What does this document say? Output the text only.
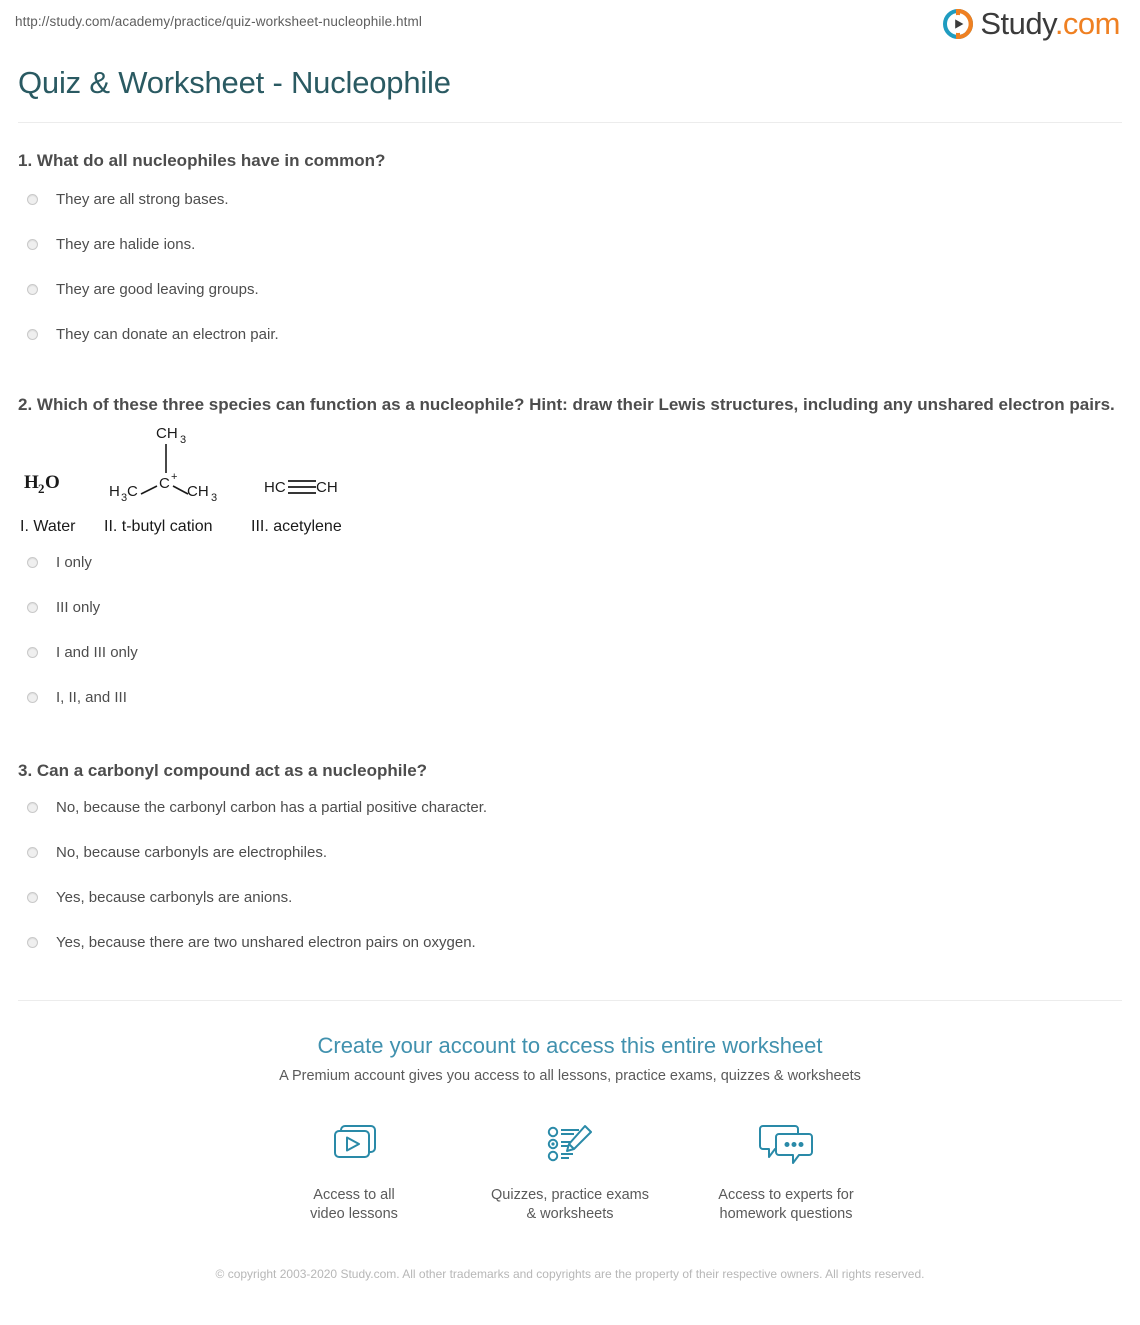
http://study.com/academy/practice/quiz-worksheet-nucleophile.html	Study.com
Quiz & Worksheet - Nucleophile

1. What do all nucleophiles have in common?

They are all strong bases.
They are halide ions.
They are good leaving groups.
They can donate an electron pair.

2. Which of these three species can function as a nucleophile? Hint: draw their Lewis structures, including any unshared electron pairs.

H 2 O
CH 3
C +
H 3 C	CH 3
HC CH
I. Water II. t-butyl cation III. acetylene
I only
III only
I and III only
I, II, and III

3. Can a carbonyl compound act as a nucleophile?

No, because the carbonyl carbon has a partial positive character.
No, because carbonyls are electrophiles.
Yes, because carbonyls are anions.
Yes, because there are two unshared electron pairs on oxygen.
Create your account to access this entire worksheet
A Premium account gives you access to all lessons, practice exams, quizzes & worksheets
Access to all
video lessons
Quizzes, practice exams
& worksheets
Access to experts for
homework questions
© copyright 2003-2020 Study.com. All other trademarks and copyrights are the property of their respective owners. All rights reserved.
